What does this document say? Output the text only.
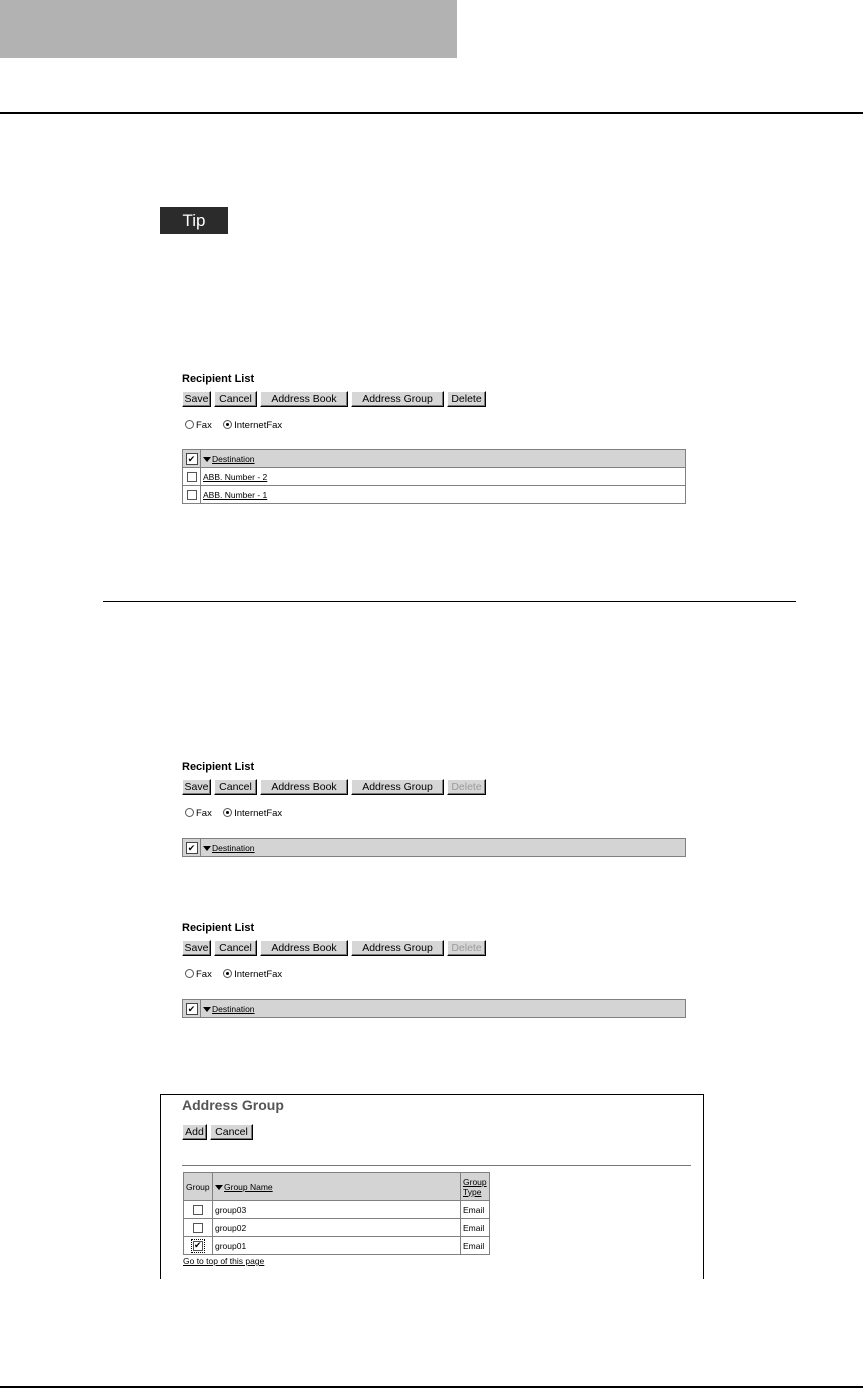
Tip
Recipient List
Save	Cancel	Address Book	Address Group	Delete
Fax InternetFax
✔	Destination
	ABB. Number - 2
	ABB. Number - 1
Recipient List
Save	Cancel	Address Book	Address Group	Delete
Fax InternetFax
✔	Destination
Recipient List
Save	Cancel	Address Book	Address Group	Delete
Fax InternetFax
✔	Destination
Address Group
Add	Cancel
Group	Group Name	Group
Type
	group03	Email
	group02	Email
✔	group01	Email
Go to top of this page
